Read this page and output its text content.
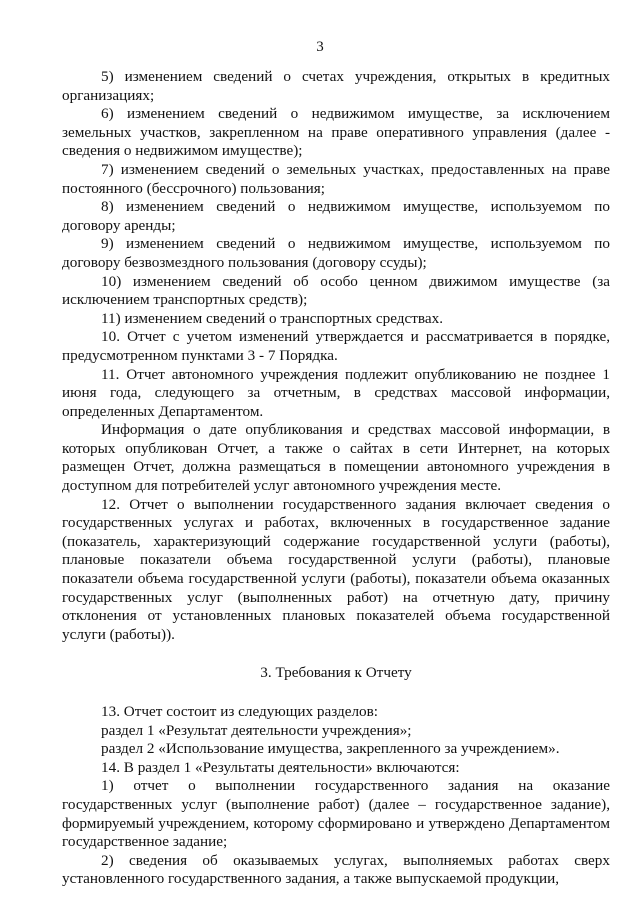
3

5) изменением сведений о счетах учреждения, открытых в кредитных организациях;

6) изменением сведений о недвижимом имуществе, за исключением земельных участков, закрепленном на праве оперативного управления (далее - сведения о недвижимом имуществе);

7) изменением сведений о земельных участках, предоставленных на праве постоянного (бессрочного) пользования;

8) изменением сведений о недвижимом имуществе, используемом по договору аренды;

9) изменением сведений о недвижимом имуществе, используемом по договору безвозмездного пользования (договору ссуды);

10) изменением сведений об особо ценном движимом имуществе (за исключением транспортных средств);

11) изменением сведений о транспортных средствах.

10. Отчет с учетом изменений утверждается и рассматривается в порядке, предусмотренном пунктами 3 - 7 Порядка.

11. Отчет автономного учреждения подлежит опубликованию не позднее 1 июня года, следующего за отчетным, в средствах массовой информации, определенных Департаментом.

Информация о дате опубликования и средствах массовой информации, в которых опубликован Отчет, а также о сайтах в сети Интернет, на которых размещен Отчет, должна размещаться в помещении автономного учреждения в доступном для потребителей услуг автономного учреждения месте.

12. Отчет о выполнении государственного задания включает сведения о государственных услугах и работах, включенных в государственное задание (показатель, характеризующий содержание государственной услуги (работы), плановые показатели объема государственной услуги (работы), плановые показатели объема государственной услуги (работы), показатели объема оказанных государственных услуг (выполненных работ) на отчетную дату, причину отклонения от установленных плановых показателей объема государственной услуги (работы)).

3. Требования к Отчету

13. Отчет состоит из следующих разделов:

раздел 1 «Результат деятельности учреждения»;

раздел 2 «Использование имущества, закрепленного за учреждением».

14. В раздел 1 «Результаты деятельности» включаются:

1) отчет о выполнении государственного задания на оказание государственных услуг (выполнение работ) (далее – государственное задание), формируемый учреждением, которому сформировано и утверждено Департаментом государственное задание;

2) сведения об оказываемых услугах, выполняемых работах сверх установленного государственного задания, а также выпускаемой продукции,
